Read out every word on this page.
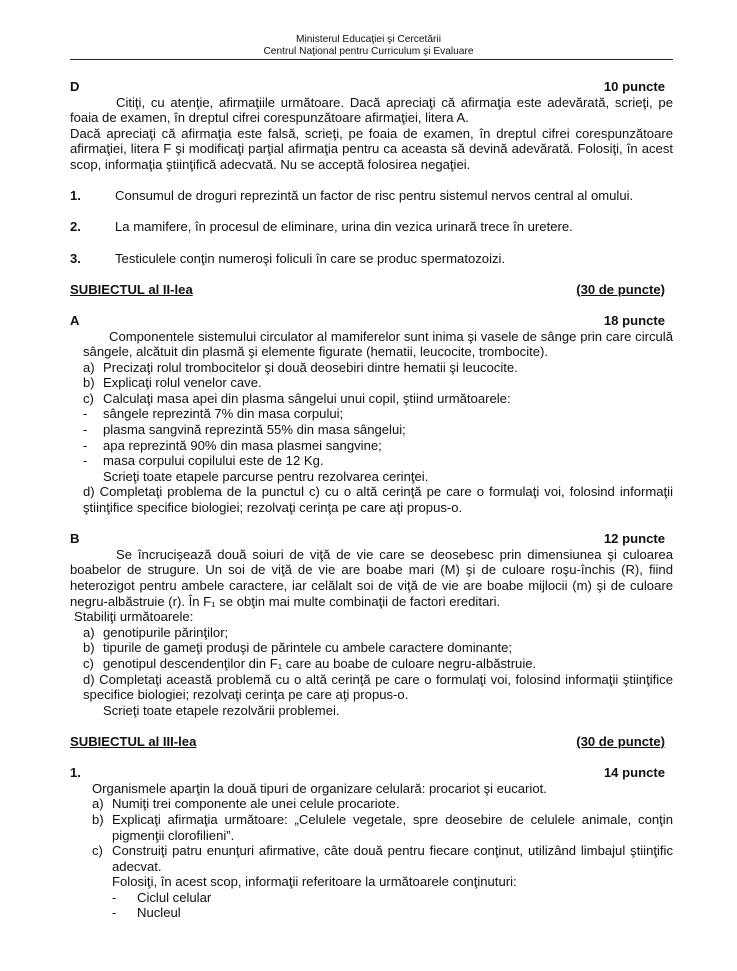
Ministerul Educaţiei şi Cercetării
Centrul Naţional pentru Curriculum şi Evaluare
D	10 puncte

Citiţi, cu atenţie, afirmaţiile următoare. Dacă apreciaţi că afirmaţia este adevărată, scrieţi, pe foaia de examen, în dreptul cifrei corespunzătoare afirmaţiei, litera A.

Dacă apreciaţi că afirmaţia este falsă, scrieţi, pe foaia de examen, în dreptul cifrei corespunzătoare afirmaţiei, litera F şi modificaţi parţial afirmaţia pentru ca aceasta să devină adevărată. Folosiţi, în acest scop, informaţia ştiinţifică adecvată. Nu se acceptă folosirea negaţiei.

1.	Consumul de droguri reprezintă un factor de risc pentru sistemul nervos central al omului.
2.	La mamifere, în procesul de eliminare, urina din vezica urinară trece în uretere.
3.	Testiculele conţin numeroşi foliculi în care se produc spermatozoizi.
SUBIECTUL al II-lea	(30 de puncte)
A	18 puncte

Componentele sistemului circulator al mamiferelor sunt inima şi vasele de sânge prin care circulă sângele, alcătuit din plasmă şi elemente figurate (hematii, leucocite, trombocite).

a) Precizaţi rolul trombocitelor şi două deosebiri dintre hematii şi leucocite.
b) Explicaţi rolul venelor cave.
c) Calculaţi masa apei din plasma sângelui unui copil, ştiind următoarele:
-	sângele reprezintă 7% din masa corpului;
-	plasma sangvină reprezintă 55% din masa sângelui;
-	apa reprezintă 90% din masa plasmei sangvine;
-	masa corpului copilului este de 12 Kg.

Scrieţi toate etapele parcurse pentru rezolvarea cerinţei.

d) Completaţi problema de la punctul c) cu o altă cerinţă pe care o formulaţi voi, folosind informaţii ştiinţifice specifice biologiei; rezolvaţi cerinţa pe care aţi propus-o.

B	12 puncte

Se încrucişează două soiuri de viţă de vie care se deosebesc prin dimensiunea şi culoarea boabelor de strugure. Un soi de viţă de vie are boabe mari (M) şi de culoare roşu-închis (R), fiind heterozigot pentru ambele caractere, iar celălalt soi de viţă de vie are boabe mijlocii (m) şi de culoare negru-albăstruie (r). În F₁ se obţin mai multe combinaţii de factori ereditari.

Stabiliţi următoarele:

a) genotipurile părinţilor;
b) tipurile de gameţi produşi de părintele cu ambele caractere dominante;
c) genotipul descendenţilor din F₁ care au boabe de culoare negru-albăstruie.

d) Completaţi această problemă cu o altă cerinţă pe care o formulaţi voi, folosind informaţii ştiinţifice specifice biologiei; rezolvaţi cerinţa pe care aţi propus-o.

Scrieţi toate etapele rezolvării problemei.

SUBIECTUL al III-lea	(30 de puncte)
1.	14 puncte

Organismele aparţin la două tipuri de organizare celulară: procariot şi eucariot.

a) Numiţi trei componente ale unei celule procariote.
b) Explicaţi afirmaţia următoare: „Celulele vegetale, spre deosebire de celulele animale, conţin pigmenţii clorofilieni”.
c) Construiţi patru enunţuri afirmative, câte două pentru fiecare conţinut, utilizând limbajul ştiinţific adecvat.

Folosiţi, în acest scop, informaţii referitoare la următoarele conţinuturi:

-	Ciclul celular
-	Nucleul
